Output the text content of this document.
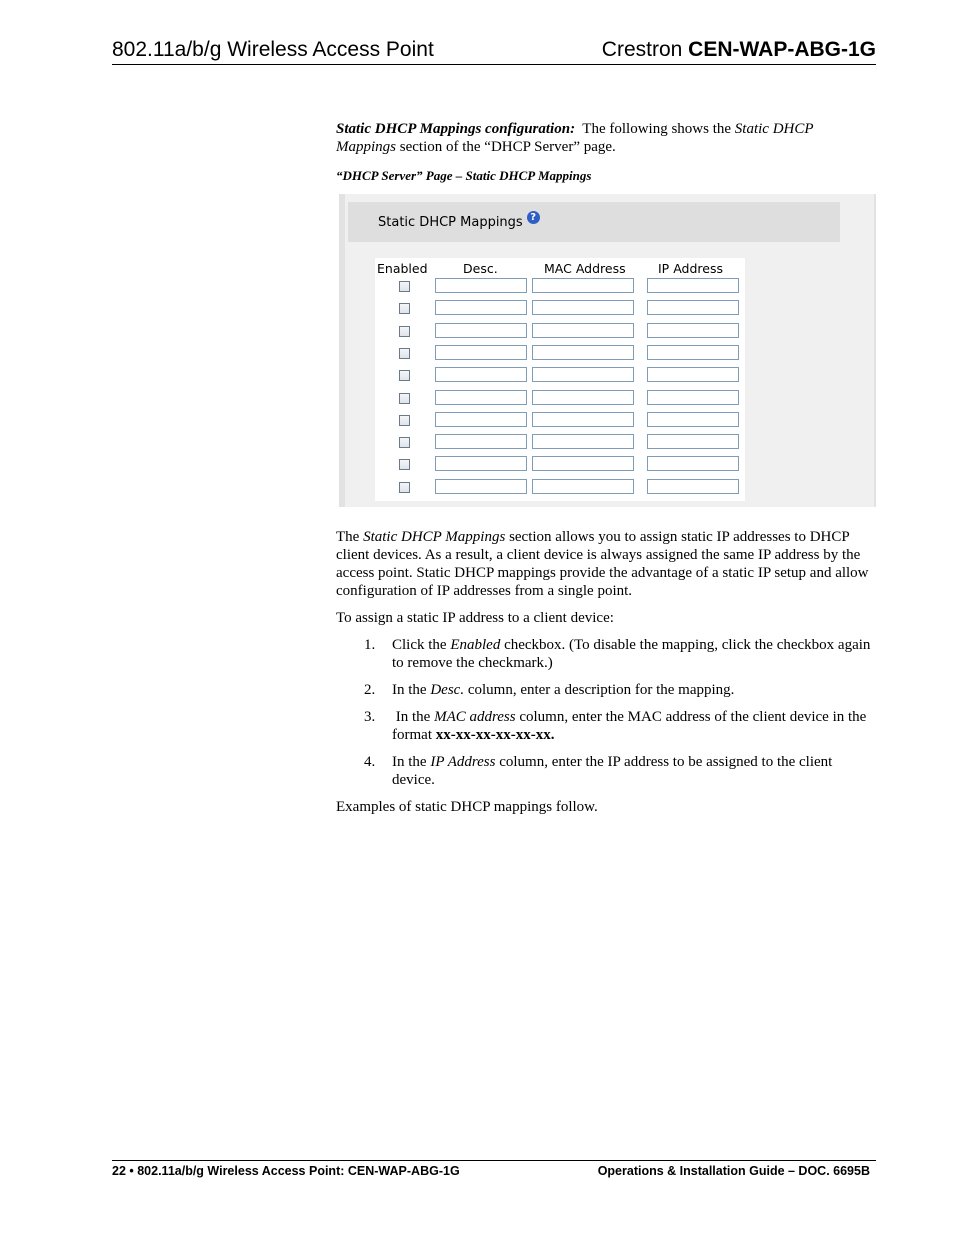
802.11a/b/g Wireless Access Point	Crestron CEN-WAP-ABG-1G

Static DHCP Mappings configuration:  The following shows the Static DHCP Mappings section of the “DHCP Server” page.

“DHCP Server” Page – Static DHCP Mappings
Static DHCP Mappings ?
Enabled	Desc.	MAC Address	IP Address

The Static DHCP Mappings section allows you to assign static IP addresses to DHCP client devices. As a result, a client device is always assigned the same IP address by the access point. Static DHCP mappings provide the advantage of a static IP setup and allow configuration of IP addresses from a single point.

To assign a static IP address to a client device:

1. Click the Enabled checkbox. (To disable the mapping, click the checkbox again to remove the checkmark.)
2. In the Desc. column, enter a description for the mapping.
3. In the MAC address column, enter the MAC address of the client device in the format xx-xx-xx-xx-xx-xx.
4. In the IP Address column, enter the IP address to be assigned to the client device.

Examples of static DHCP mappings follow.

22 • 802.11a/b/g Wireless Access Point: CEN-WAP-ABG-1G	Operations & Installation Guide – DOC. 6695B
